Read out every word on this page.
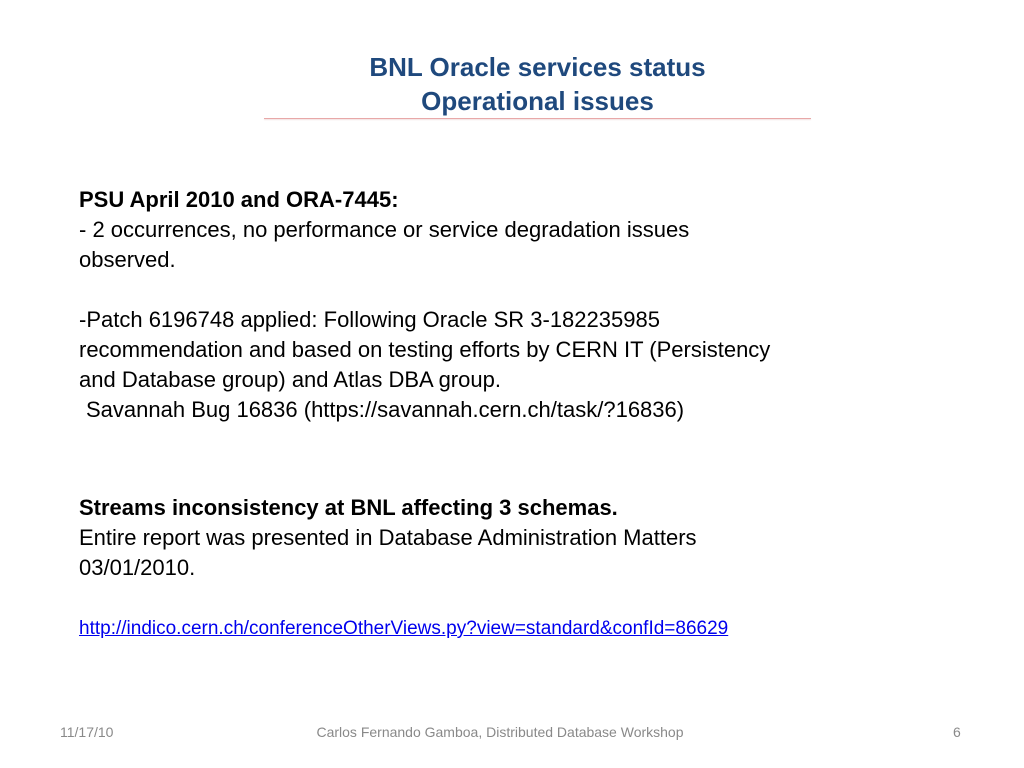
BNL Oracle services status
Operational issues
PSU April 2010 and ORA-7445:
- 2 occurrences, no performance or service degradation issues
observed.
-Patch 6196748 applied: Following Oracle SR 3-182235985
recommendation and based on testing efforts by CERN IT (Persistency
and Database group) and Atlas DBA group.
Savannah Bug 16836 (https://savannah.cern.ch/task/?16836)
Streams inconsistency at BNL affecting 3 schemas.
Entire report was presented in Database Administration Matters
03/01/2010.
http://indico.cern.ch/conferenceOtherViews.py?view=standard&confId=86629
11/17/10	Carlos Fernando Gamboa, Distributed Database Workshop	6
